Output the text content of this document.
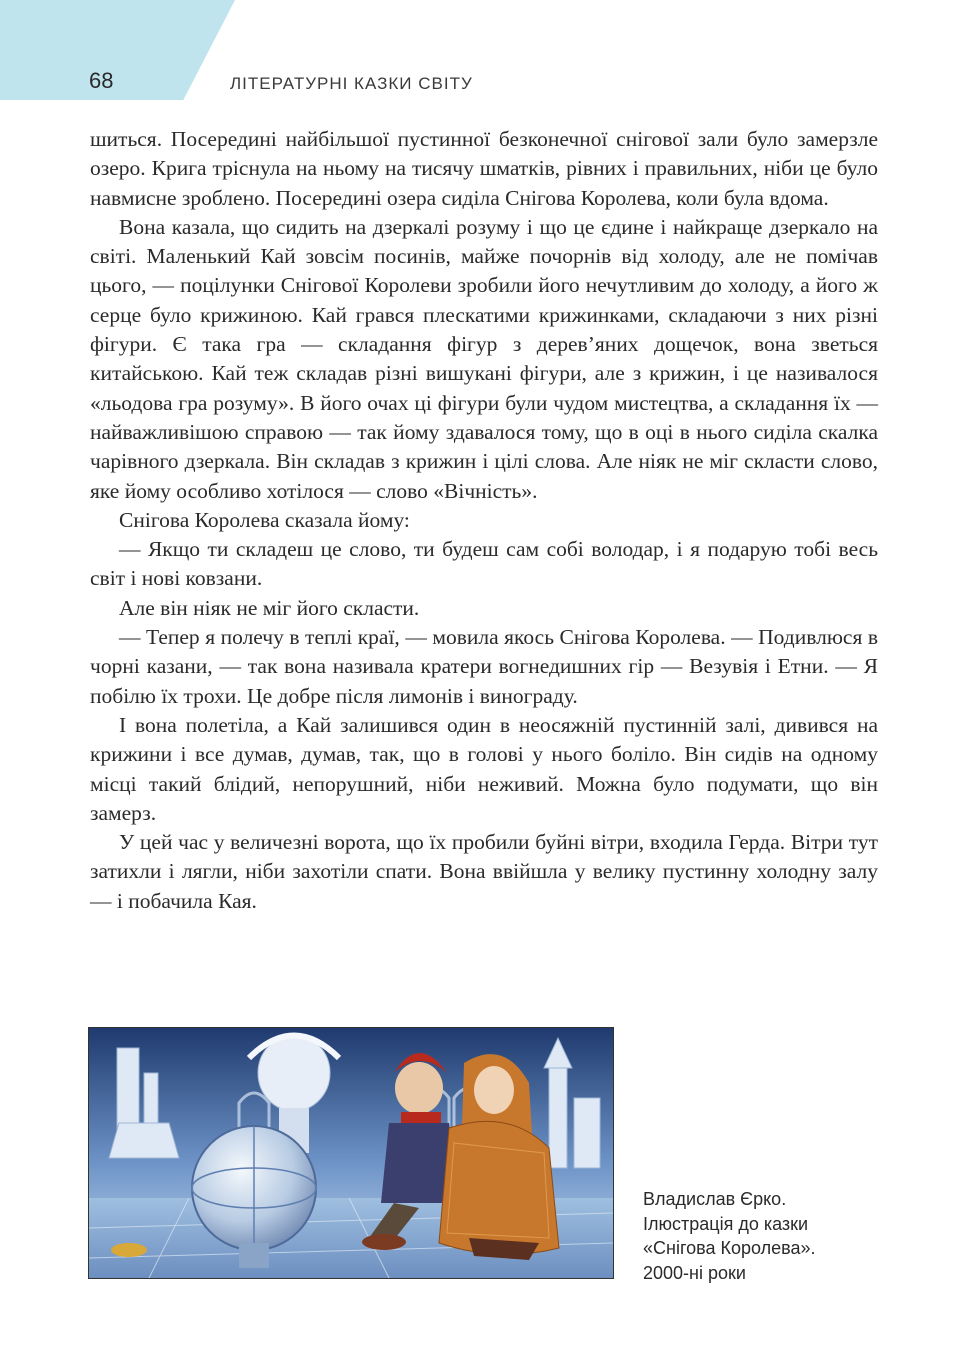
68	ЛІТЕРАТУРНІ КАЗКИ СВІТУ

шиться. Посередині найбільшої пустинної безконечної снігової зали було замерзле озеро. Крига тріснула на ньому на тисячу шматків, рівних і правильних, ніби це було навмисне зроблено. Посередині озера сиділа Снігова Королева, коли була вдома.

Вона казала, що сидить на дзеркалі розуму і що це єдине і найкраще дзеркало на світі. Маленький Кай зовсім посинів, майже почорнів від холоду, але не помічав цього, — поцілунки Снігової Королеви зробили його нечутливим до холоду, а його ж серце було крижиною. Кай грався плескатими крижинками, складаючи з них різні фігури. Є така гра — складання фігур з дерев’яних дощечок, вона зветься китайською. Кай теж складав різні вишукані фігури, але з крижин, і це називалося «льодова гра розуму». В його очах ці фігури були чудом мистецтва, а складання їх — найважливішою справою — так йому здавалося тому, що в оці в нього сиділа скалка чарівного дзеркала. Він складав з крижин і цілі слова. Але ніяк не міг скласти слово, яке йому особливо хотілося — слово «Вічність».

Снігова Королева сказала йому:

— Якщо ти складеш це слово, ти будеш сам собі володар, і я подарую тобі весь світ і нові ковзани.

Але він ніяк не міг його скласти.

— Тепер я полечу в теплі краї, — мовила якось Снігова Королева. — Подивлюся в чорні казани, — так вона називала кратери вогнедишних гір — Везувія і Етни. — Я побілю їх трохи. Це добре після лимонів і винограду.

І вона полетіла, а Кай залишився один в неосяжній пустинній залі, дивився на крижини і все думав, думав, так, що в голові у нього боліло. Він сидів на одному місці такий блідий, непорушний, ніби неживий. Можна було подумати, що він замерз.

У цей час у величезні ворота, що їх пробили буйні вітри, входила Герда. Вітри тут затихли і лягли, ніби захотіли спати. Вона ввійшла у велику пустинну холодну залу — і побачила Кая.

Владислав Єрко.
Ілюстрація до казки
«Снігова Королева».
2000-ні роки
